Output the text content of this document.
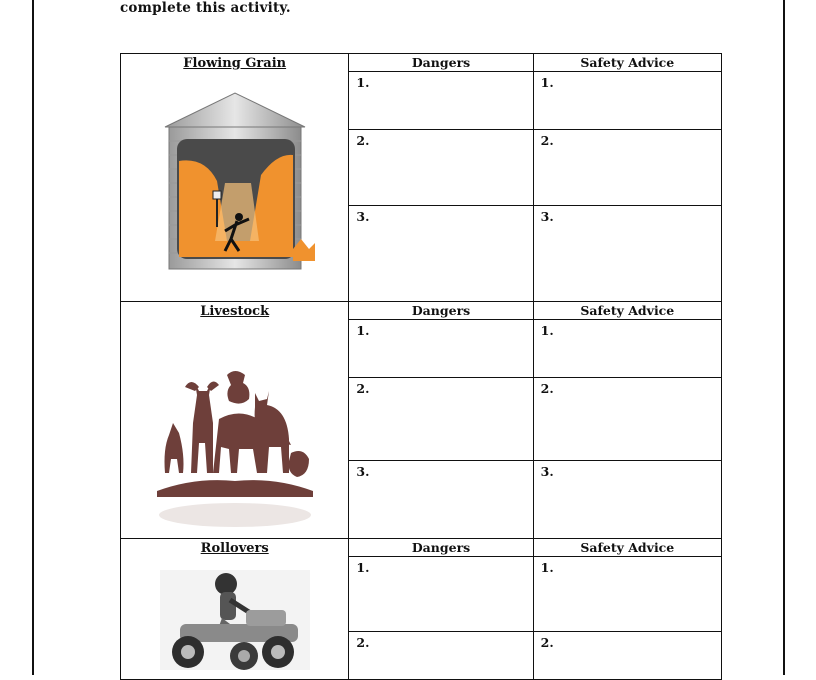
complete this activity.
Flowing Grain	Dangers	Safety Advice

	1.	1.

	2.	2.

	3.	3.

Livestock	Dangers	Safety Advice

	1.	1.

	2.	2.

	3.	3.

Rollovers	Dangers	Safety Advice

	1.	1.

	2.	2.
